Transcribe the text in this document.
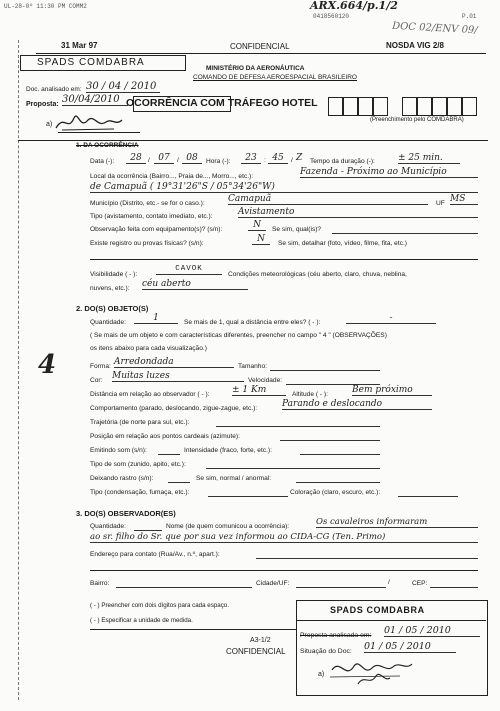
UL-28-0º 11:30 PM COMM2
0418560120	P.01
ARX.664/p.1/2
DOC 02/ENV 09/
31 Mar 97	CONFIDENCIAL	NOSDA VIG 2/8
SPADS COMDABRA
MINISTÉRIO DA AERONÁUTICA
COMANDO DE DEFESA AEROESPACIAL BRASILEIRO
Doc. analisado em: 30 / 04 / 2010
Proposta: 30/04/2010 OCORRÊNCIA COM TRÁFEGO HOTEL
(Preenchimento pelo COMDABRA)
a)
1. DA OCORRÊNCIA
Data (-):	28 / 07	/ 08	Hora (-):	23	: 45	/ Z Tempo da duração (-):	± 25 min.
Local da ocorrência (Bairro..., Praia de..., Morro..., etc.):	Fazenda - Próximo ao Município
de Camapuã ( 19°31'26"S / 05°34'26"W)
Município (Distrito, etc.- se for o caso.):	Camapuã	UF MS
Tipo (avistamento, contato imediato, etc.):	Avistamento
Observação feita com equipamento(s)? (s/n):	N	Se sim, qual(is)?
Existe registro ou provas físicas? (s/n):	N	Se sim, detalhar (foto, vídeo, filme, fita, etc.)
Visibilidade ( - ):
CAVOK
Condições meteorológicas (céu aberto, claro, chuva, neblina,
nuvens, etc.): céu aberto
2. DO(S) OBJETO(S)
Quantidade:	1	Se mais de 1, qual a distância entre eles? ( - ):	-
( Se mais de um objeto e com características diferentes, preencher no campo " 4 " (OBSERVAÇÕES)
os itens abaixo para cada visualização.)
4	Forma: Arredondada	Tamanho:
Cor: Muitas luzes	Velocidade:
Distância em relação ao observador ( - ):	± 1 Km	Altitude ( - ):	Bem próximo
Comportamento (parado, deslocando, zigue-zague, etc.):	Parando e deslocando
Trajetória (de norte para sul, etc.):
Posição em relação aos pontos cardeais (azimute):
Emitindo som (s/n):	Intensidade (fraco, forte, etc.):
Tipo de som (zunido, apito, etc.):
Deixando rastro (s/n):	Se sim, normal / anormal:
Tipo (condensação, fumaça, etc.):	Coloração (claro, escuro, etc.):
3. DO(S) OBSERVADOR(ES)
Quantidade:	Nome (de quem comunicou a ocorrência):	Os cavaleiros informaram
ao sr. filho do Sr. que por sua vez informou ao CIDA-CG (Ten. Primo)
Endereço para contato (Rua/Av., n.º, apart.):
Bairro:	Cidade/UF:	/	CEP:
( - ) Preencher com dois dígitos para cada espaço.
( - ) Especificar a unidade de medida.
A3-1/2
CONFIDENCIAL
SPADS COMDABRA
Proposta analisada em: 01 / 05 / 2010
Situação do Doc: 01 / 05 / 2010
a)
